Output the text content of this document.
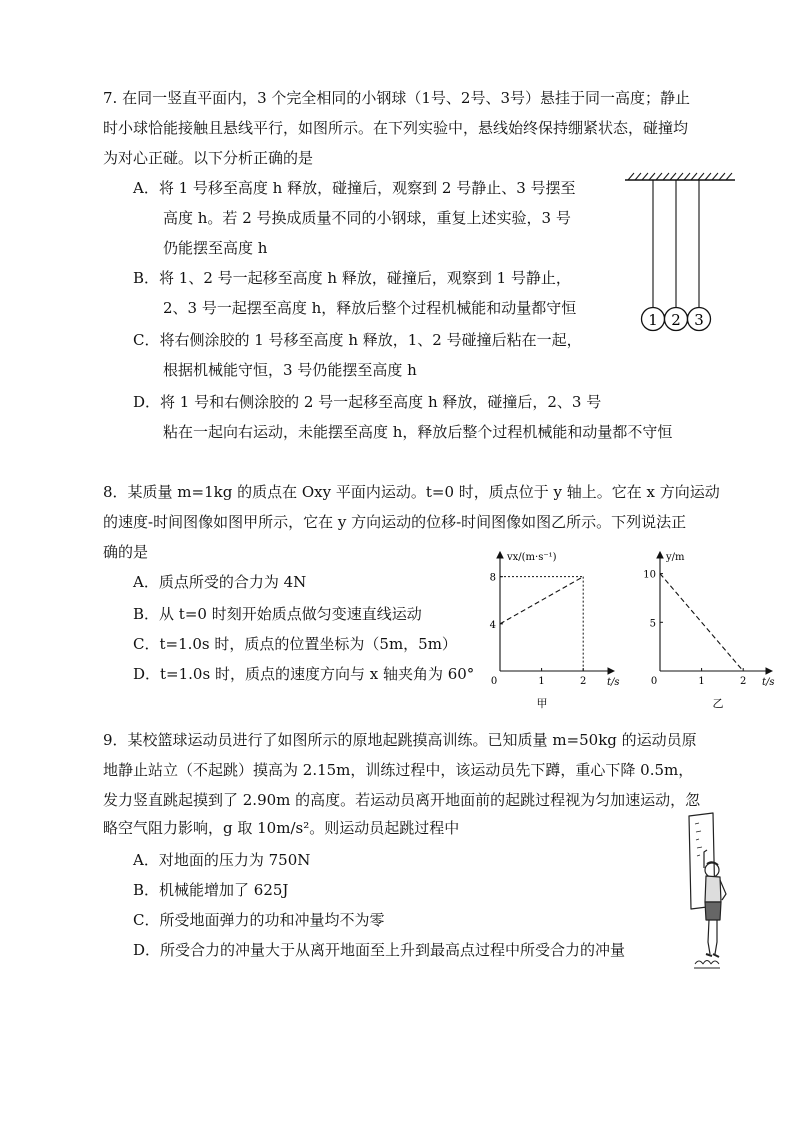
7. 在同一竖直平面内，3 个完全相同的小钢球（1号、2号、3号）悬挂于同一高度；静止
时小球恰能接触且悬线平行，如图所示。在下列实验中，悬线始终保持绷紧状态，碰撞均
为对心正碰。以下分析正确的是
A．将 1 号移至高度 h 释放，碰撞后，观察到 2 号静止、3 号摆至
高度 h。若 2 号换成质量不同的小钢球，重复上述实验，3 号
仍能摆至高度 h
B．将 1、2 号一起移至高度 h 释放，碰撞后，观察到 1 号静止，
2、3 号一起摆至高度 h，释放后整个过程机械能和动量都守恒
C．将右侧涂胶的 1 号移至高度 h 释放，1、2 号碰撞后粘在一起，
根据机械能守恒，3 号仍能摆至高度 h
D．将 1 号和右侧涂胶的 2 号一起移至高度 h 释放，碰撞后，2、3 号
粘在一起向右运动，未能摆至高度 h，释放后整个过程机械能和动量都不守恒
1 2 3
8．某质量 m=1kg 的质点在 Oxy 平面内运动。t=0 时，质点位于 y 轴上。它在 x 方向运动
的速度-时间图像如图甲所示，它在 y 方向运动的位移-时间图像如图乙所示。下列说法正
确的是
A．质点所受的合力为 4N
B．从 t=0 时刻开始质点做匀变速直线运动
C．t=1.0s 时，质点的位置坐标为（5m，5m）
D．t=1.0s 时，质点的速度方向与 x 轴夹角为 60°
vx/(m·s⁻¹)
t/s
甲
0	1	2
4
8
y/m
t/s
乙
0	1	2
5
10
9．某校篮球运动员进行了如图所示的原地起跳摸高训练。已知质量 m=50kg 的运动员原
地静止站立（不起跳）摸高为 2.15m，训练过程中，该运动员先下蹲，重心下降 0.5m，
发力竖直跳起摸到了 2.90m 的高度。若运动员离开地面前的起跳过程视为匀加速运动，忽
略空气阻力影响，g 取 10m/s²。则运动员起跳过程中
A．对地面的压力为 750N
B．机械能增加了 625J
C．所受地面弹力的功和冲量均不为零
D．所受合力的冲量大于从离开地面至上升到最高点过程中所受合力的冲量
